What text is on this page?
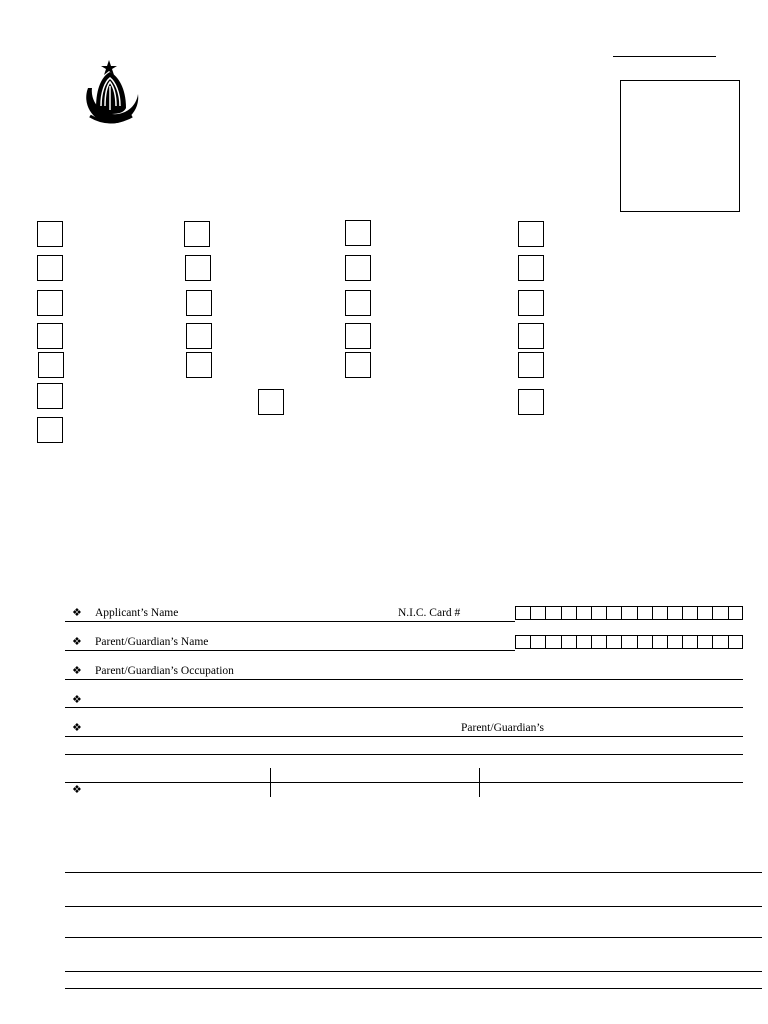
❖ Applicant’s Name	N.I.C. Card #
❖ Parent/Guardian’s Name
❖ Parent/Guardian’s Occupation
❖
❖	Parent/Guardian’s
❖
